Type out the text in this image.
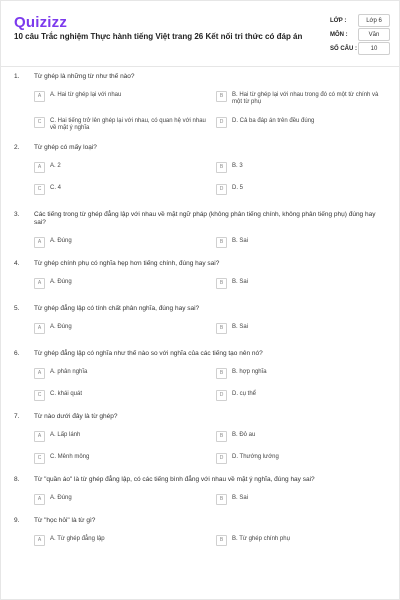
Quizizz
10 câu Trắc nghiệm Thực hành tiếng Việt trang 26 Kết nối tri thức có đáp án
LỚP :	Lớp 6
MÔN :	Văn
SỐ CÂU :	10
1.	Từ ghép là những từ như thế nào?
A	A. Hai từ ghép lại với nhau	B	B. Hai từ ghép lại với nhau trong đó có một từ chính và một từ phụ
C	C. Hai tiếng trở lên ghép lại với nhau, có quan hệ với nhau về mặt ý nghĩa
D	D. Cả ba đáp án trên đều đúng
2.	Từ ghép có mấy loại?
A	A. 2	B	B. 3
C	C. 4	D	D. 5
3.	Các tiếng trong từ ghép đẳng lập với nhau về mặt ngữ pháp (không phân tiếng chính, không phân tiếng phụ) đúng hay sai?
A	A. Đúng	B	B. Sai
4.	Từ ghép chính phụ có nghĩa hẹp hơn tiếng chính, đúng hay sai?
A	A. Đúng	B	B. Sai
5.	Từ ghép đẳng lập có tính chất phân nghĩa, đúng hay sai?
A	A. Đúng	B	B. Sai
6.	Từ ghép đẳng lập có nghĩa như thế nào so với nghĩa của các tiếng tạo nên nó?
A	A. phân nghĩa	B	B. hợp nghĩa
C	C. khái quát	D	D. cụ thể
7.	Từ nào dưới đây là từ ghép?
A	A. Lấp lánh	B	B. Đỏ au
C	C. Mênh mông	D	D. Thướng lướng
8.	Từ "quần áo" là từ ghép đẳng lập, có các tiếng bình đẳng với nhau về mặt ý nghĩa, đúng hay sai?
A	A. Đúng	B	B. Sai
9.	Từ "học hỏi" là từ gì?
A	A. Từ ghép đẳng lập	B	B. Từ ghép chính phụ
